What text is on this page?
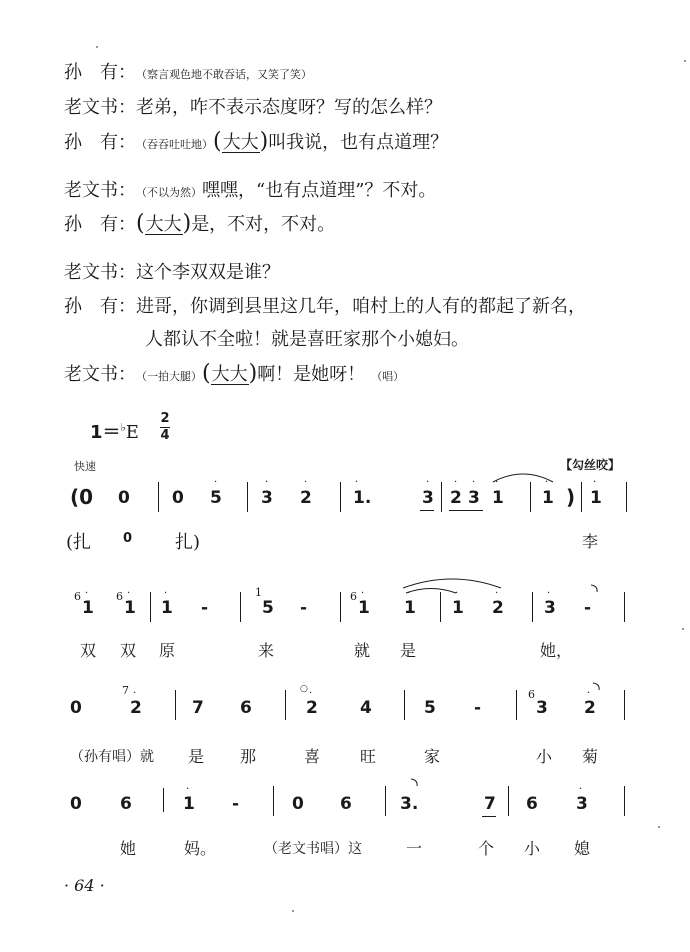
孙　有：（察言观色地不敢吞话，又笑了笑）
老文书：老弟，咋不表示态度呀？写的怎么样？
孙　有：（吞吞吐吐地）(大大)叫我说，也有点道理？
老文书：（不以为然）嘿嘿，“也有点道理”？不对。
孙　有：(大大)是，不对，不对。
老文书：这个李双双是谁？
孙　有：进哥，你调到县里这几年，咱村上的人有的都起了新名，
人都认不全啦！就是喜旺家那个小媳妇。
老文书：（一拍大腿）(大大)啊！是她呀！ （唱）
1＝♭E
2
4
快速	【勾丝咬】
(0 0 0 5
·
3
·
2
·
1.
·
3
·
2
·
3
·
1
·
1
·
) 1
·
(扎 0 扎)	李
6
1
·	6
1
·
1
·
-
1
5 -
6
1
·
1
·
1
·
2
·
3
·
-
双 双 原	来	就 是	她，
0
7
2
·
7 6
○
2
·
4	5 -
6
3 2
·
（孙有唱）就 是 那	喜 旺	家	小 菊
0 6	1
·
-	0 6	3.	7 6 3
·
她	妈。	（老文书唱）这	一	个 小 媳
· 64 ·
